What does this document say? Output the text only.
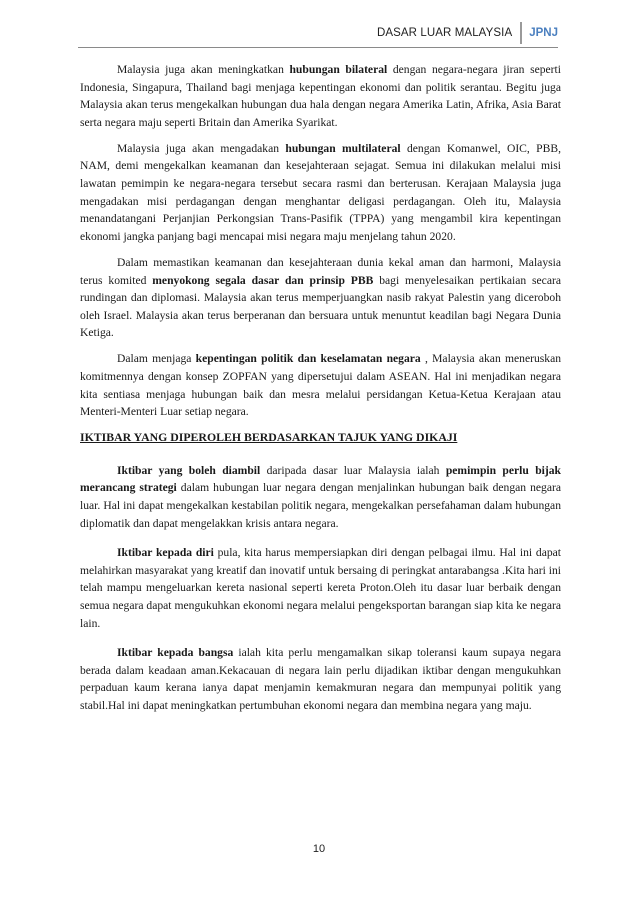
DASAR LUAR MALAYSIA	JPNJ

Malaysia juga akan meningkatkan hubungan bilateral dengan negara-negara jiran seperti Indonesia, Singapura, Thailand bagi menjaga kepentingan ekonomi dan politik serantau. Begitu juga Malaysia akan terus mengekalkan hubungan dua hala dengan negara Amerika Latin, Afrika, Asia Barat serta negara maju seperti Britain dan Amerika Syarikat.

Malaysia juga akan mengadakan hubungan multilateral dengan Komanwel, OIC, PBB, NAM, demi mengekalkan keamanan dan kesejahteraan sejagat. Semua ini dilakukan melalui misi lawatan pemimpin ke negara-negara tersebut secara rasmi dan berterusan. Kerajaan Malaysia juga mengadakan misi perdagangan dengan menghantar deligasi perdagangan. Oleh itu, Malaysia menandatangani Perjanjian Perkongsian Trans-Pasifik (TPPA) yang mengambil kira kepentingan ekonomi jangka panjang bagi mencapai misi negara maju menjelang tahun 2020.

Dalam memastikan keamanan dan kesejahteraan dunia kekal aman dan harmoni, Malaysia terus komited menyokong segala dasar dan prinsip PBB bagi menyelesaikan pertikaian secara rundingan dan diplomasi. Malaysia akan terus memperjuangkan nasib rakyat Palestin yang diceroboh oleh Israel. Malaysia akan terus berperanan dan bersuara untuk menuntut keadilan bagi Negara Dunia Ketiga.

Dalam menjaga kepentingan politik dan keselamatan negara , Malaysia akan meneruskan komitmennya dengan konsep ZOPFAN yang dipersetujui dalam ASEAN. Hal ini menjadikan negara kita sentiasa menjaga hubungan baik dan mesra melalui persidangan Ketua-Ketua Kerajaan atau Menteri-Menteri Luar setiap negara.

IKTIBAR YANG DIPEROLEH BERDASARKAN TAJUK YANG DIKAJI

Iktibar yang boleh diambil daripada dasar luar Malaysia ialah pemimpin perlu bijak merancang strategi dalam hubungan luar negara dengan menjalinkan hubungan baik dengan negara luar. Hal ini dapat mengekalkan kestabilan politik negara, mengekalkan persefahaman dalam hubungan diplomatik dan dapat mengelakkan krisis antara negara.

Iktibar kepada diri pula, kita harus mempersiapkan diri dengan pelbagai ilmu. Hal ini dapat melahirkan masyarakat yang kreatif dan inovatif untuk bersaing di peringkat antarabangsa .Kita hari ini telah mampu mengeluarkan kereta nasional seperti kereta Proton.Oleh itu dasar luar berbaik dengan semua negara dapat mengukuhkan ekonomi negara melalui pengeksportan barangan siap kita ke negara lain.

Iktibar kepada bangsa ialah kita perlu mengamalkan sikap toleransi kaum supaya negara berada dalam keadaan aman.Kekacauan di negara lain perlu dijadikan iktibar dengan mengukuhkan perpaduan kaum kerana ianya dapat menjamin kemakmuran negara dan mempunyai politik yang stabil.Hal ini dapat meningkatkan pertumbuhan ekonomi negara dan membina negara yang maju.

10
